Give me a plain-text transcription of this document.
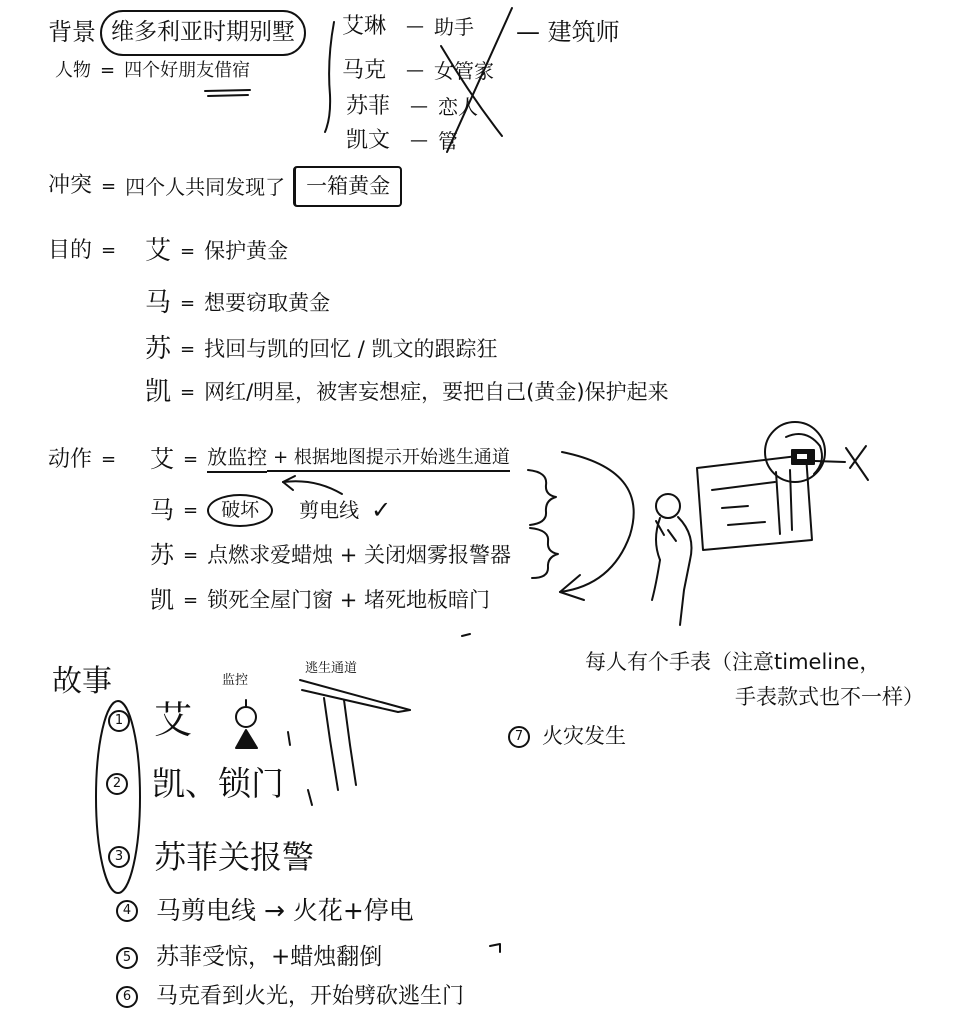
背景 维多利亚时期别墅
人物 = 四个好朋友借宿
艾琳	— 助手
马克	— 女管家
苏菲	— 恋人
凯文	— 管
— 建筑师
冲突 = 四个人共同发现了	一箱黄金
目的 = 艾 = 保护黄金
马 = 想要窃取黄金
苏 = 找回与凯的回忆 / 凯文的跟踪狂
凯 = 网红/明星，被害妄想症，要把自己(黄金)保护起来
动作 = 艾 = 放监控 + 根据地图提示开始逃生通道
马 =	破坏	剪电线 ✓
苏 = 点燃求爱蜡烛 + 关闭烟雾报警器
凯 = 锁死全屋门窗 + 堵死地板暗门
每人有个手表（注意timeline，
手表款式也不一样）
故事	监控
逃生通道
1 艾
2 凯、锁门
3 苏菲关报警
4 马剪电线 → 火花+停电
5 苏菲受惊，+蜡烛翻倒
6	马克看到火光，开始劈砍逃生门
7 火灾发生
